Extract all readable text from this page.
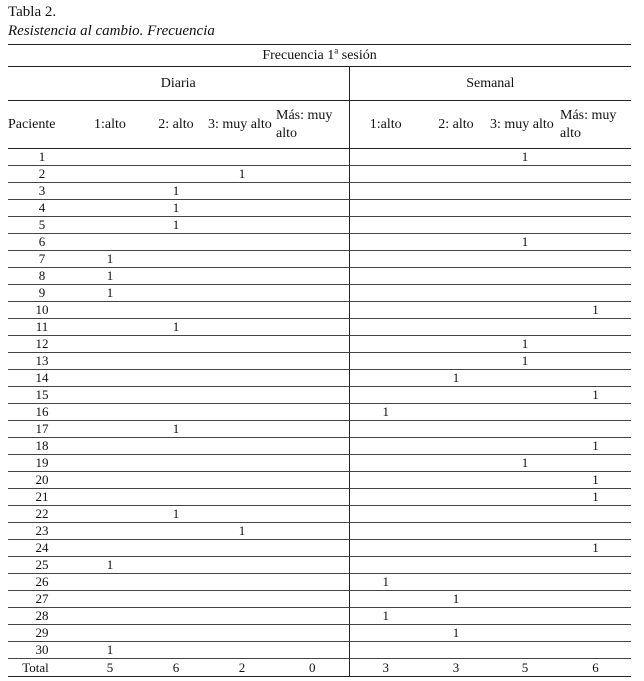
Tabla 2.
Resistencia al cambio. Frecuencia
Frecuencia 1$^a$ sesión								
Diaria					Semanal			
Paciente	1:alto	2: alto	3: muy alto	Más: muy alto	1:alto	2: alto	3: muy alto	Más: muy alto
1							1	
2			1					
3		1						
4		1						
5		1						
6							1	
7	1							
8	1							
9	1							
10								1
11		1						
12							1	
13							1	
14						1		
15								1
16					1			
17		1						
18								1
19							1	
20								1
21								1
22		1						
23			1					
24								1
25	1							
26					1			
27						1		
28					1			
29						1		
30	1							
Total	5	6	2	0	3	3	5	6
